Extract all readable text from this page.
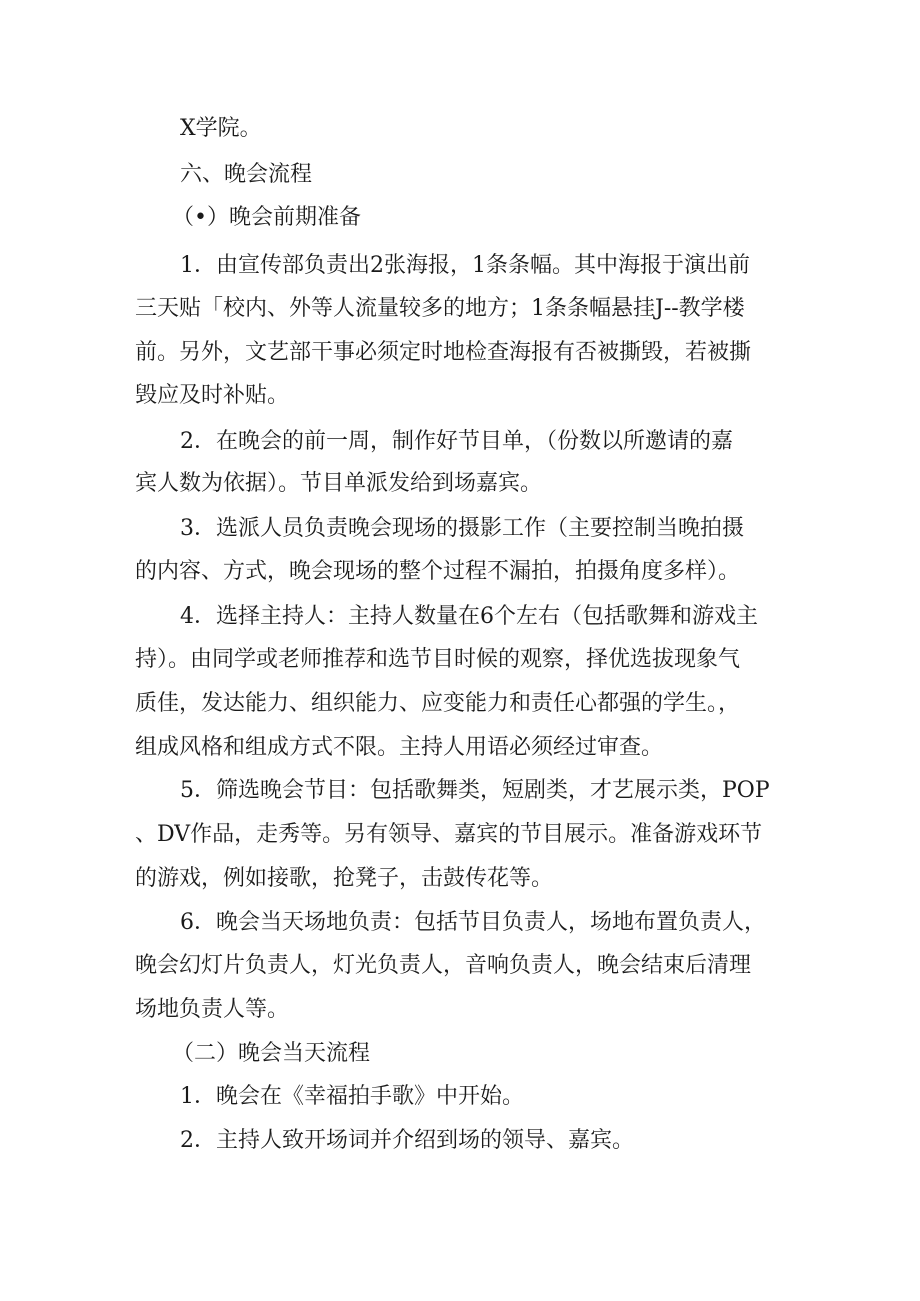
X学院。
六、晚会流程
（•）晚会前期准备
1．由宣传部负责出2张海报，1条条幅。其中海报于演出前
三天贴「校内、外等人流量较多的地方；1条条幅悬挂J--教学楼
前。另外，文艺部干事必须定时地检查海报有否被撕毁，若被撕
毁应及时补贴。
2．在晚会的前一周，制作好节目单，（份数以所邀请的嘉
宾人数为依据）。节目单派发给到场嘉宾。
3．选派人员负责晚会现场的摄影工作（主要控制当晚拍摄
的内容、方式，晚会现场的整个过程不漏拍，拍摄角度多样）。
4．选择主持人：主持人数量在6个左右（包括歌舞和游戏主
持）。由同学或老师推荐和选节目时候的观察，择优选拔现象气
质佳，发达能力、组织能力、应变能力和责任心都强的学生。，
组成风格和组成方式不限。主持人用语必须经过审查。
5．筛选晚会节目：包括歌舞类，短剧类，才艺展示类，POP
、DV作品，走秀等。另有领导、嘉宾的节目展示。准备游戏环节
的游戏，例如接歌，抢凳子，击鼓传花等。
6．晚会当天场地负责：包括节目负责人，场地布置负责人，
晚会幻灯片负责人，灯光负责人，音响负责人，晚会结束后清理
场地负责人等。
（二）晚会当天流程
1．晚会在《幸福拍手歌》中开始。
2．主持人致开场词并介绍到场的领导、嘉宾。
